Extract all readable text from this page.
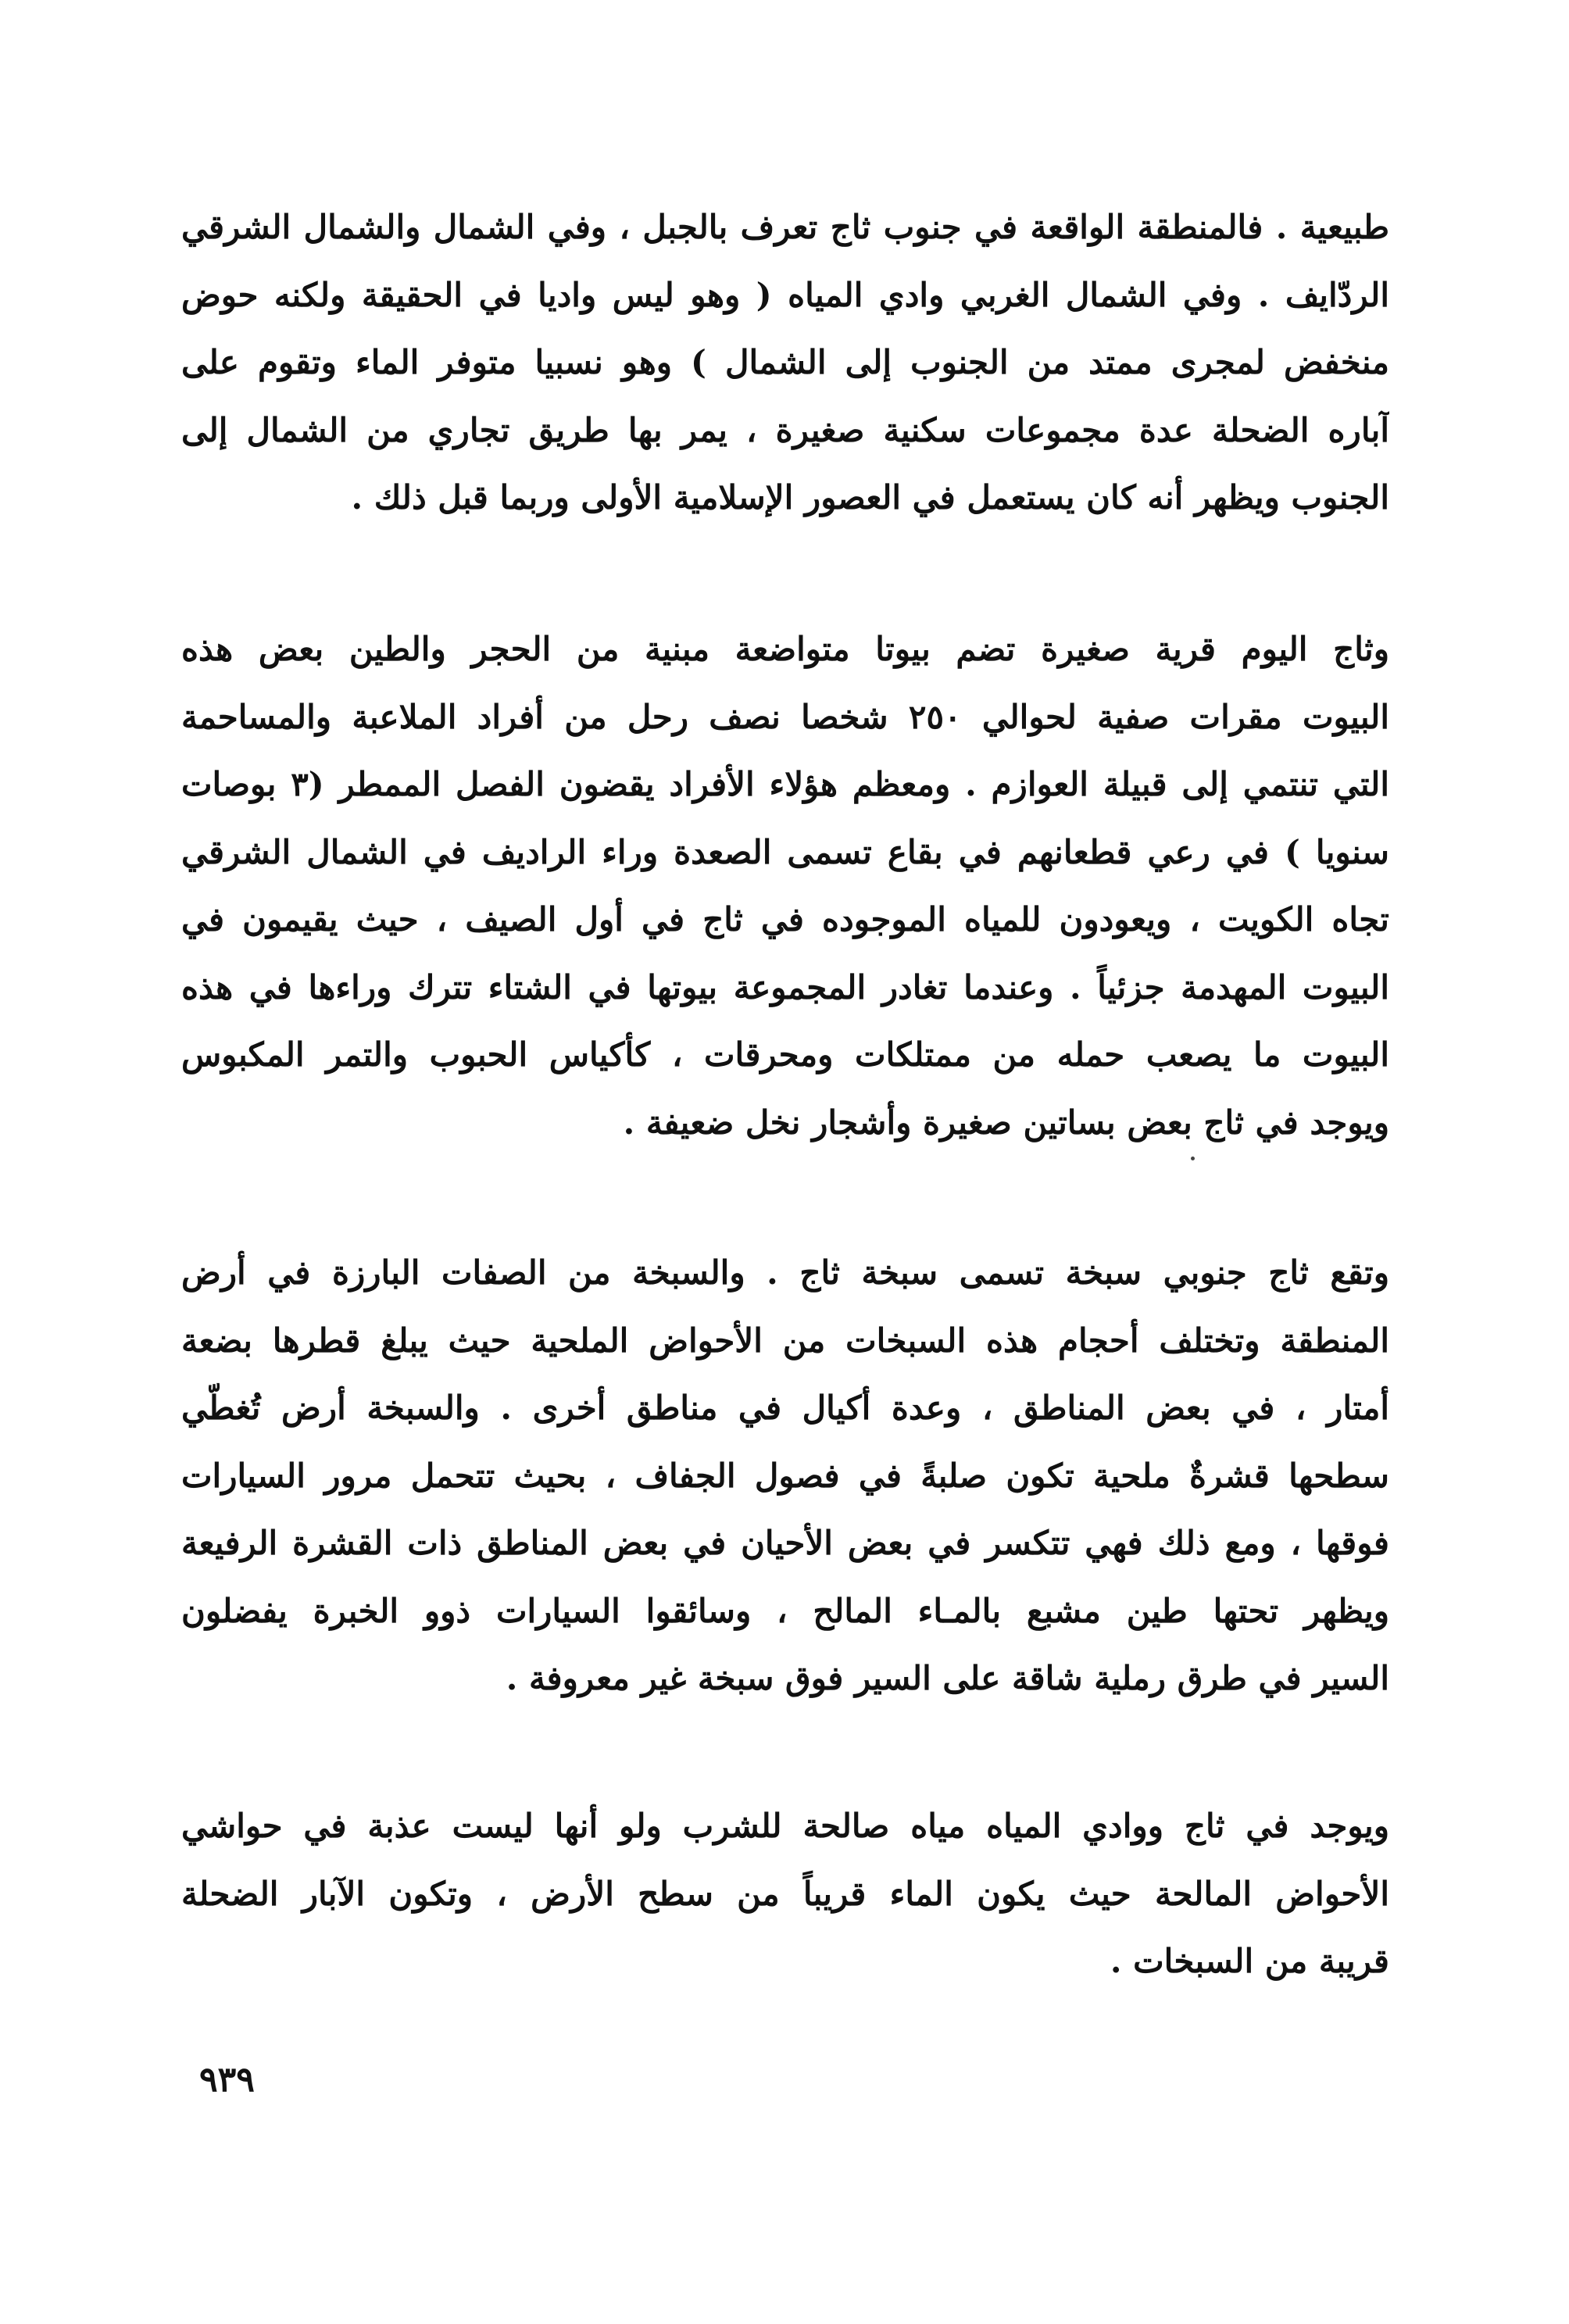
طبيعية . فالمنطقة الواقعة في جنوب ثاج تعرف بالجبل ، وفي الشمال والشمال الشرقي
الردّايف . وفي الشمال الغربي وادي المياه ( وهو ليس واديا في الحقيقة ولكنه حوض
منخفض لمجرى ممتد من الجنوب إلى الشمال ) وهو نسبيا متوفر الماء وتقوم على
آباره الضحلة عدة مجموعات سكنية صغيرة ، يمر بها طريق تجاري من الشمال إلى
الجنوب ويظهر أنه كان يستعمل في العصور الإسلامية الأولى وربما قبل ذلك .
وثاج اليوم قرية صغيرة تضم بيوتا متواضعة مبنية من الحجر والطين بعض هذه
البيوت مقرات صفية لحوالي ٢٥٠ شخصا نصف رحل من أفراد الملاعبة والمساحمة
التي تنتمي إلى قبيلة العوازم . ومعظم هؤلاء الأفراد يقضون الفصل الممطر (٣ بوصات
سنويا ) في رعي قطعانهم في بقاع تسمى الصعدة وراء الراديف في الشمال الشرقي
تجاه الكويت ، ويعودون للمياه الموجوده في ثاج في أول الصيف ، حيث يقيمون في
البيوت المهدمة جزئياً . وعندما تغادر المجموعة بيوتها في الشتاء تترك وراءها في هذه
البيوت ما يصعب حمله من ممتلكات ومحرقات ، كأكياس الحبوب والتمر المكبوس
ويوجد في ثاج بعض بساتين صغيرة وأشجار نخل ضعيفة .
وتقع ثاج جنوبي سبخة تسمى سبخة ثاج . والسبخة من الصفات البارزة في أرض
المنطقة وتختلف أحجام هذه السبخات من الأحواض الملحية حيث يبلغ قطرها بضعة
أمتار ، في بعض المناطق ، وعدة أكيال في مناطق أخرى . والسبخة أرض تُغطّي
سطحها قشرةٌ ملحية تكون صلبةً في فصول الجفاف ، بحيث تتحمل مرور السيارات
فوقها ، ومع ذلك فهي تتكسر في بعض الأحيان في بعض المناطق ذات القشرة الرفيعة
ويظهر تحتها طين مشبع بالمـاء المالح ، وسائقوا السيارات ذوو الخبرة يفضلون
السير في طرق رملية شاقة على السير فوق سبخة غير معروفة .
ويوجد في ثاج ووادي المياه مياه صالحة للشرب ولو أنها ليست عذبة في حواشي
الأحواض المالحة حيث يكون الماء قريباً من سطح الأرض ، وتكون الآبار الضحلة
قريبة من السبخات .
٩٣٩
